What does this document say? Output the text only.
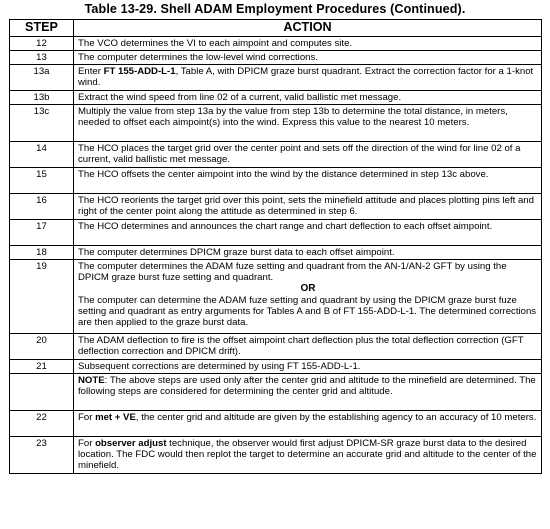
Table 13-29. Shell ADAM Employment Procedures (Continued).
STEP	ACTION
12	The VCO determines the VI to each aimpoint and computes site.
13	The computer determines the low-level wind corrections.
13a	Enter FT 155-ADD-L-1, Table A, with DPICM graze burst quadrant. Extract the correction factor for a 1-knot wind.
13b	Extract the wind speed from line 02 of a current, valid ballistic met message.
13c	Multiply the value from step 13a by the value from step 13b to determine the total distance, in meters, needed to offset each aimpoint(s) into the wind. Express this value to the nearest 10 meters.
14	The HCO places the target grid over the center point and sets off the direction of the wind for line 02 of a current, valid ballistic met message.
15	The HCO offsets the center aimpoint into the wind by the distance determined in step 13c above.
16	The HCO reorients the target grid over this point, sets the minefield attitude and places plotting pins left and right of the center point along the attitude as determined in step 6.
17	The HCO determines and announces the chart range and chart deflection to each offset aimpoint.
18	The computer determines DPICM graze burst data to each offset aimpoint.
19	The computer determines the ADAM fuze setting and quadrant from the AN-1/AN-2 GFT by using the DPICM graze burst fuze setting and quadrant.

OR

The computer can determine the ADAM fuze setting and quadrant by using the DPICM graze burst fuze setting and quadrant as entry arguments for Tables A and B of FT 155-ADD-L-1. The determined corrections are then applied to the graze burst data.

20	The ADAM deflection to fire is the offset aimpoint chart deflection plus the total deflection correction (GFT deflection correction and DPICM drift).
21	Subsequent corrections are determined by using FT 155-ADD-L-1.
	NOTE: The above steps are used only after the center grid and altitude to the minefield are determined. The following steps are considered for determining the center grid and altitude.
22	For met + VE, the center grid and altitude are given by the establishing agency to an accuracy of 10 meters.
23	For observer adjust technique, the observer would first adjust DPICM-SR graze burst data to the desired location. The FDC would then replot the target to determine an accurate grid and altitude to the center of the minefield.
